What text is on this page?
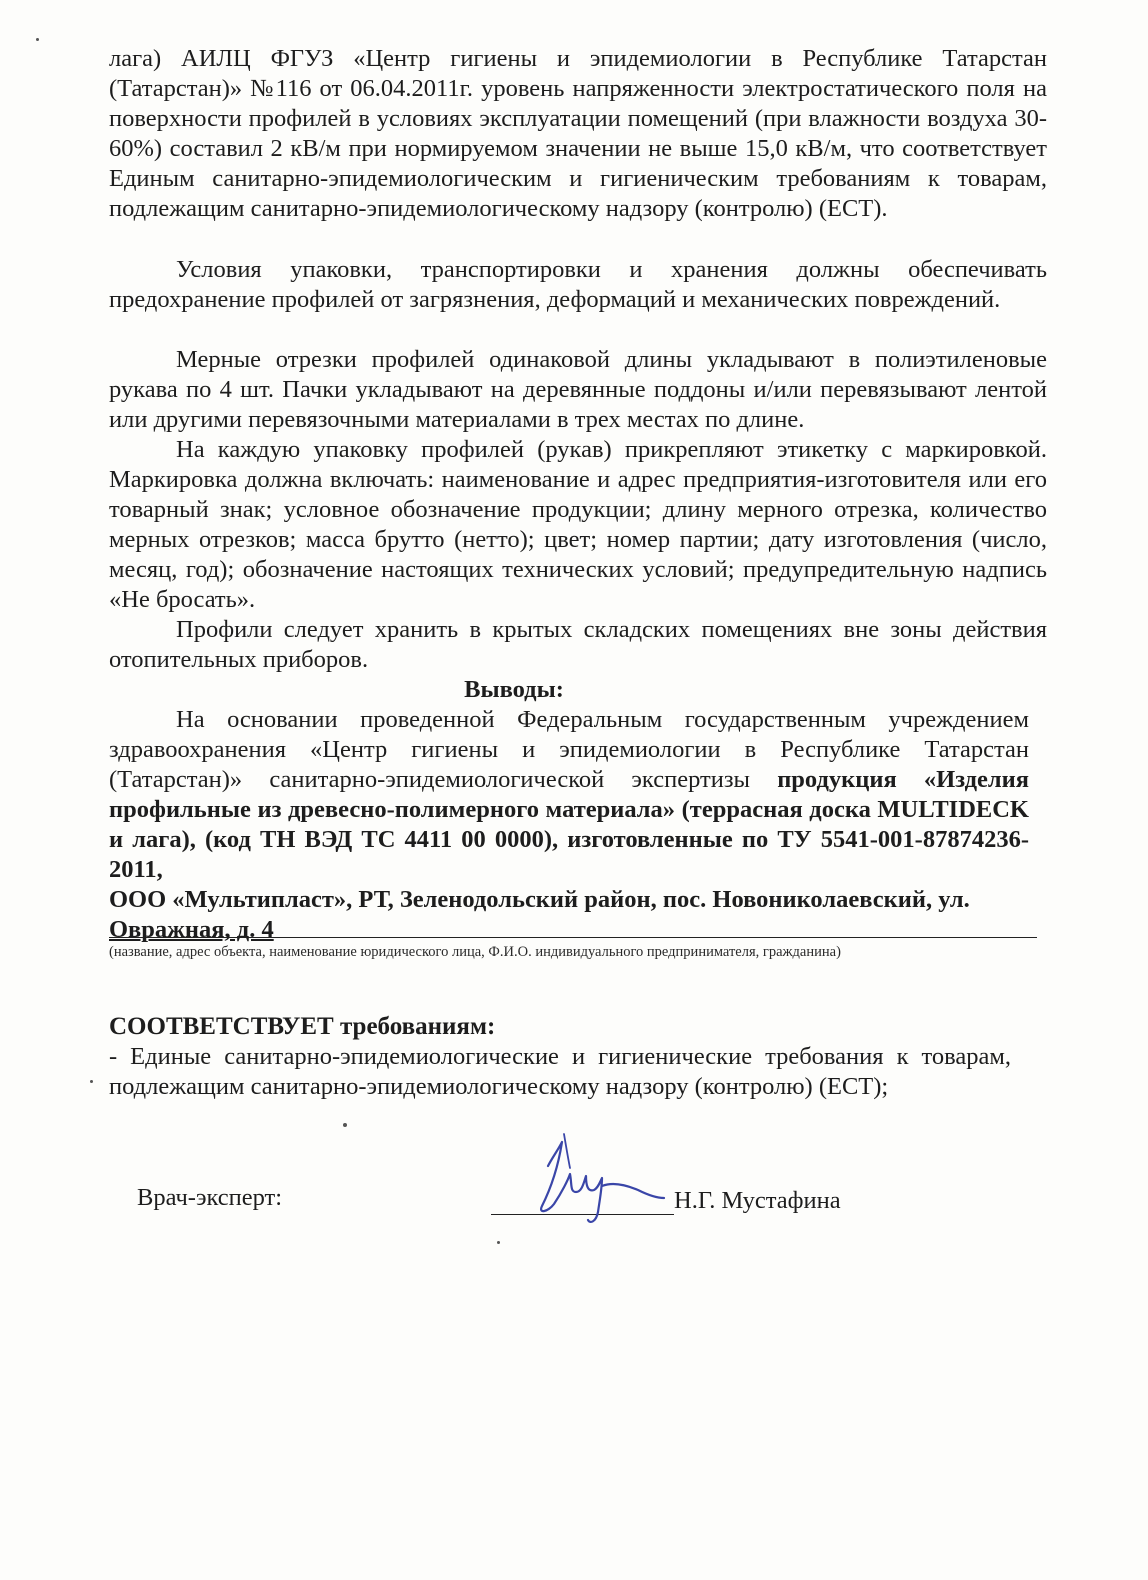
лага) АИЛЦ ФГУЗ «Центр гигиены и эпидемиологии в Республике Татарстан (Татарстан)» №116 от 06.04.2011г. уровень напряженности электростатического поля на поверхности профилей в условиях эксплуатации помещений (при влажности воздуха 30-60%) составил 2 кВ/м при нормируемом значении не выше 15,0 кВ/м, что соответствует Единым санитарно-эпидемиологическим и гигиеническим требованиям к товарам, подлежащим санитарно-эпидемиологическому надзору (контролю) (ЕСТ).

Условия упаковки, транспортировки и хранения должны обеспечивать предохранение профилей от загрязнения, деформаций и механических повреждений.

Мерные отрезки профилей одинаковой длины укладывают в полиэтиленовые рукава по 4 шт. Пачки укладывают на деревянные поддоны и/или перевязывают лентой или другими перевязочными материалами в трех местах по длине.

На каждую упаковку профилей (рукав) прикрепляют этикетку с маркировкой. Маркировка должна включать: наименование и адрес предприятия-изготовителя или его товарный знак; условное обозначение продукции; длину мерного отрезка, количество мерных отрезков; масса брутто (нетто); цвет; номер партии; дату изготовления (число, месяц, год); обозначение настоящих технических условий; предупредительную надпись «Не бросать».

Профили следует хранить в крытых складских помещениях вне зоны действия отопительных приборов.

Выводы:

На основании проведенной Федеральным государственным учреждением здравоохранения «Центр гигиены и эпидемиологии в Республике Татарстан (Татарстан)» санитарно-эпидемиологической экспертизы продукция «Изделия профильные из древесно-полимерного материала» (террасная доска MULTIDECK и лага), (код ТН ВЭД ТС 4411 00 0000), изготовленные по ТУ 5541-001-87874236-2011,
ООО «Мультипласт», РТ, Зеленодольский район, пос. Новониколаевский, ул.
Овражная, д. 4

(название, адрес объекта, наименование юридического лица, Ф.И.О. индивидуального предпринимателя, гражданина)

СООТВЕТСТВУЕТ требованиям:

- Единые санитарно-эпидемиологические и гигиенические требования к товарам, подлежащим санитарно-эпидемиологическому надзору (контролю) (ЕСТ);

Врач-эксперт:	Н.Г. Мустафина
